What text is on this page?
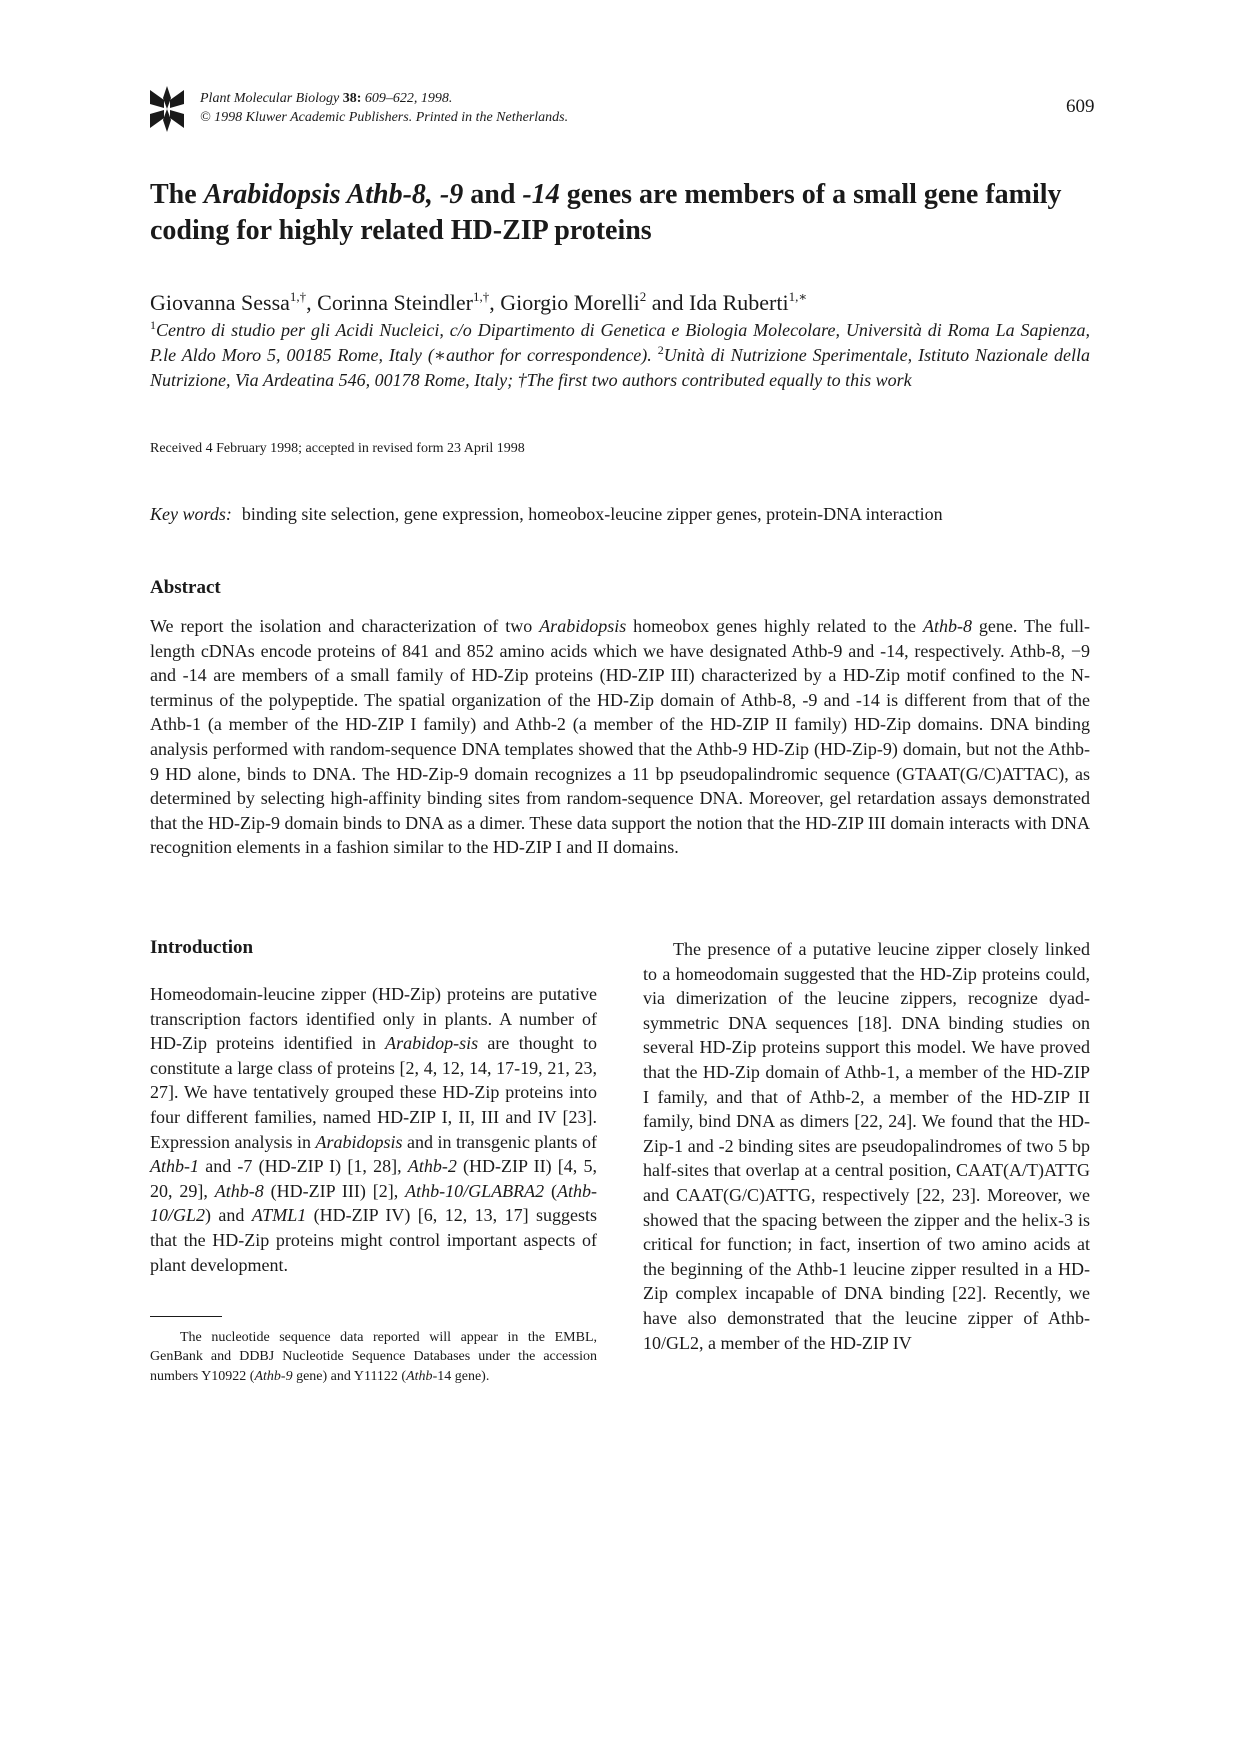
Plant Molecular Biology 38: 609–622, 1998.
© 1998 Kluwer Academic Publishers. Printed in the Netherlands.
609
The Arabidopsis Athb-8, -9 and -14 genes are members of a small gene family coding for highly related HD-ZIP proteins
Giovanna Sessa$^{1,\dagger}$, Corinna Steindler$^{1,\dagger}$, Giorgio Morelli$^2$ and Ida Ruberti$^{1,∗}$
$^1$Centro di studio per gli Acidi Nucleici, c/o Dipartimento di Genetica e Biologia Molecolare, Università di Roma La Sapienza, P.le Aldo Moro 5, 00185 Rome, Italy (∗author for correspondence). $^2$Unità di Nutrizione Sperimentale, Istituto Nazionale della Nutrizione, Via Ardeatina 546, 00178 Rome, Italy; †The first two authors contributed equally to this work
Received 4 February 1998; accepted in revised form 23 April 1998
Key words: binding site selection, gene expression, homeobox-leucine zipper genes, protein-DNA interaction
Abstract

We report the isolation and characterization of two Arabidopsis homeobox genes highly related to the Athb-8 gene. The full-length cDNAs encode proteins of 841 and 852 amino acids which we have designated Athb-9 and -14, respectively. Athb-8, −9 and -14 are members of a small family of HD-Zip proteins (HD-ZIP III) characterized by a HD-Zip motif confined to the N-terminus of the polypeptide. The spatial organization of the HD-Zip domain of Athb-8, -9 and -14 is different from that of the Athb-1 (a member of the HD-ZIP I family) and Athb-2 (a member of the HD-ZIP II family) HD-Zip domains. DNA binding analysis performed with random-sequence DNA templates showed that the Athb-9 HD-Zip (HD-Zip-9) domain, but not the Athb-9 HD alone, binds to DNA. The HD-Zip-9 domain recognizes a 11 bp pseudopalindromic sequence (GTAAT(G/C)ATTAC), as determined by selecting high-affinity binding sites from random-sequence DNA. Moreover, gel retardation assays demonstrated that the HD-Zip-9 domain binds to DNA as a dimer. These data support the notion that the HD-ZIP III domain interacts with DNA recognition elements in a fashion similar to the HD-ZIP I and II domains.

Introduction

Homeodomain-leucine zipper (HD-Zip) proteins are putative transcription factors identified only in plants. A number of HD-Zip proteins identified in Arabidop-sis are thought to constitute a large class of proteins [2, 4, 12, 14, 17-19, 21, 23, 27]. We have tentatively grouped these HD-Zip proteins into four different families, named HD-ZIP I, II, III and IV [23]. Expression analysis in Arabidopsis and in transgenic plants of Athb-1 and -7 (HD-ZIP I) [1, 28], Athb-2 (HD-ZIP II) [4, 5, 20, 29], Athb-8 (HD-ZIP III) [2], Athb-10/GLABRA2 (Athb-10/GL2) and ATML1 (HD-ZIP IV) [6, 12, 13, 17] suggests that the HD-Zip proteins might control important aspects of plant development.

The presence of a putative leucine zipper closely linked to a homeodomain suggested that the HD-Zip proteins could, via dimerization of the leucine zippers, recognize dyad-symmetric DNA sequences [18]. DNA binding studies on several HD-Zip proteins support this model. We have proved that the HD-Zip domain of Athb-1, a member of the HD-ZIP I family, and that of Athb-2, a member of the HD-ZIP II family, bind DNA as dimers [22, 24]. We found that the HD-Zip-1 and -2 binding sites are pseudopalindromes of two 5 bp half-sites that overlap at a central position, CAAT(A/T)ATTG and CAAT(G/C)ATTG, respectively [22, 23]. Moreover, we showed that the spacing between the zipper and the helix-3 is critical for function; in fact, insertion of two amino acids at the beginning of the Athb-1 leucine zipper resulted in a HD-Zip complex incapable of DNA binding [22]. Recently, we have also demonstrated that the leucine zipper of Athb-10/GL2, a member of the HD-ZIP IV

The nucleotide sequence data reported will appear in the EMBL, GenBank and DDBJ Nucleotide Sequence Databases under the accession numbers Y10922 (Athb-9 gene) and Y11122 (Athb-14 gene).
